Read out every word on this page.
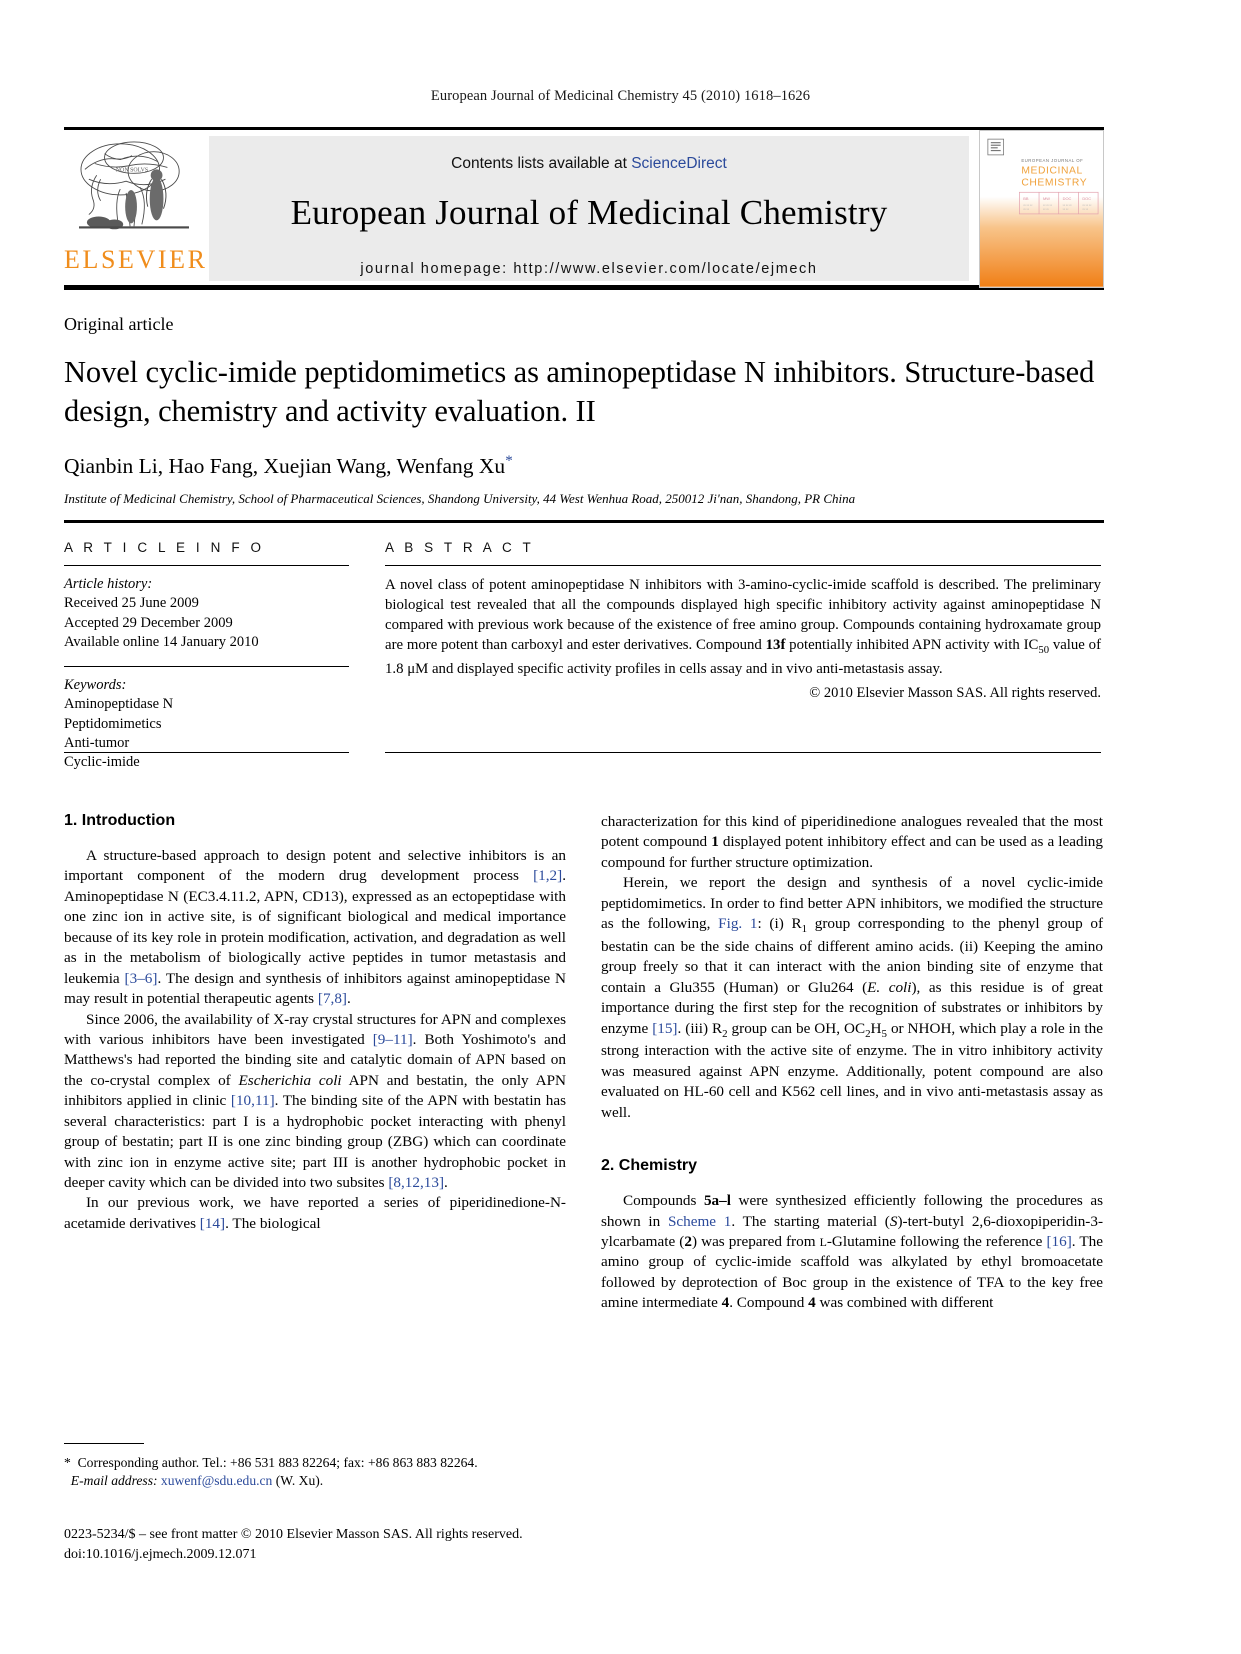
European Journal of Medicinal Chemistry 45 (2010) 1618–1626
NON SOLVS
ELSEVIER
Contents lists available at ScienceDirect
European Journal of Medicinal Chemistry
journal homepage: http://www.elsevier.com/locate/ejmech
EUROPEAN JOURNAL OF
MEDICINAL
CHEMISTRY
BB	MW	DOC	DOC
xx xx xx	xx xx xx	xx xx xx	xx xx xx
xx xx	xx xx	xx xx	xx xx
Original article
Novel cyclic-imide peptidomimetics as aminopeptidase N inhibitors. Structure-based design, chemistry and activity evaluation. II
Qianbin Li, Hao Fang, Xuejian Wang, Wenfang Xu*
Institute of Medicinal Chemistry, School of Pharmaceutical Sciences, Shandong University, 44 West Wenhua Road, 250012 Ji'nan, Shandong, PR China
A R T I C L E I N F O
Article history:
Received 25 June 2009
Accepted 29 December 2009
Available online 14 January 2010
Keywords:
Aminopeptidase N
Peptidomimetics
Anti-tumor
Cyclic-imide
A B S T R A C T

A novel class of potent aminopeptidase N inhibitors with 3-amino-cyclic-imide scaffold is described. The preliminary biological test revealed that all the compounds displayed high specific inhibitory activity against aminopeptidase N compared with previous work because of the existence of free amino group. Compounds containing hydroxamate group are more potent than carboxyl and ester derivatives. Compound 13f potentially inhibited APN activity with $IC_{50}$ value of 1.8 μM and displayed specific activity profiles in cells assay and in vivo anti-metastasis assay.

© 2010 Elsevier Masson SAS. All rights reserved.
1. Introduction

A structure-based approach to design potent and selective inhibitors is an important component of the modern drug development process [1,2]. Aminopeptidase N (EC3.4.11.2, APN, CD13), expressed as an ectopeptidase with one zinc ion in active site, is of significant biological and medical importance because of its key role in protein modification, activation, and degradation as well as in the metabolism of biologically active peptides in tumor metastasis and leukemia [3–6]. The design and synthesis of inhibitors against aminopeptidase N may result in potential therapeutic agents [7,8].

Since 2006, the availability of X-ray crystal structures for APN and complexes with various inhibitors have been investigated [9–11]. Both Yoshimoto's and Matthews's had reported the binding site and catalytic domain of APN based on the co-crystal complex of Escherichia coli APN and bestatin, the only APN inhibitors applied in clinic [10,11]. The binding site of the APN with bestatin has several characteristics: part I is a hydrophobic pocket interacting with phenyl group of bestatin; part II is one zinc binding group (ZBG) which can coordinate with zinc ion in enzyme active site; part III is another hydrophobic pocket in deeper cavity which can be divided into two subsites [8,12,13].

In our previous work, we have reported a series of piperidinedione-N-acetamide derivatives [14]. The biological

characterization for this kind of piperidinedione analogues revealed that the most potent compound 1 displayed potent inhibitory effect and can be used as a leading compound for further structure optimization.

Herein, we report the design and synthesis of a novel cyclic-imide peptidomimetics. In order to find better APN inhibitors, we modified the structure as the following, Fig. 1: (i) $R_1$ group corresponding to the phenyl group of bestatin can be the side chains of different amino acids. (ii) Keeping the amino group freely so that it can interact with the anion binding site of enzyme that contain a Glu355 (Human) or Glu264 (E. coli), as this residue is of great importance during the first step for the recognition of substrates or inhibitors by enzyme [15]. (iii) $R_2$ group can be OH, $OC_2H_5$ or NHOH, which play a role in the strong interaction with the active site of enzyme. The in vitro inhibitory activity was measured against APN enzyme. Additionally, potent compound are also evaluated on HL-60 cell and K562 cell lines, and in vivo anti-metastasis assay as well.

2. Chemistry

Compounds 5a–l were synthesized efficiently following the procedures as shown in Scheme 1. The starting material (S)-tert-butyl 2,6-dioxopiperidin-3-ylcarbamate (2) was prepared from L-Glutamine following the reference [16]. The amino group of cyclic-imide scaffold was alkylated by ethyl bromoacetate followed by deprotection of Boc group in the existence of TFA to the key free amine intermediate 4. Compound 4 was combined with different

* Corresponding author. Tel.: +86 531 883 82264; fax: +86 863 883 82264.

E-mail address: xuwenf@sdu.edu.cn (W. Xu).

0223-5234/$ – see front matter © 2010 Elsevier Masson SAS. All rights reserved.
doi:10.1016/j.ejmech.2009.12.071
